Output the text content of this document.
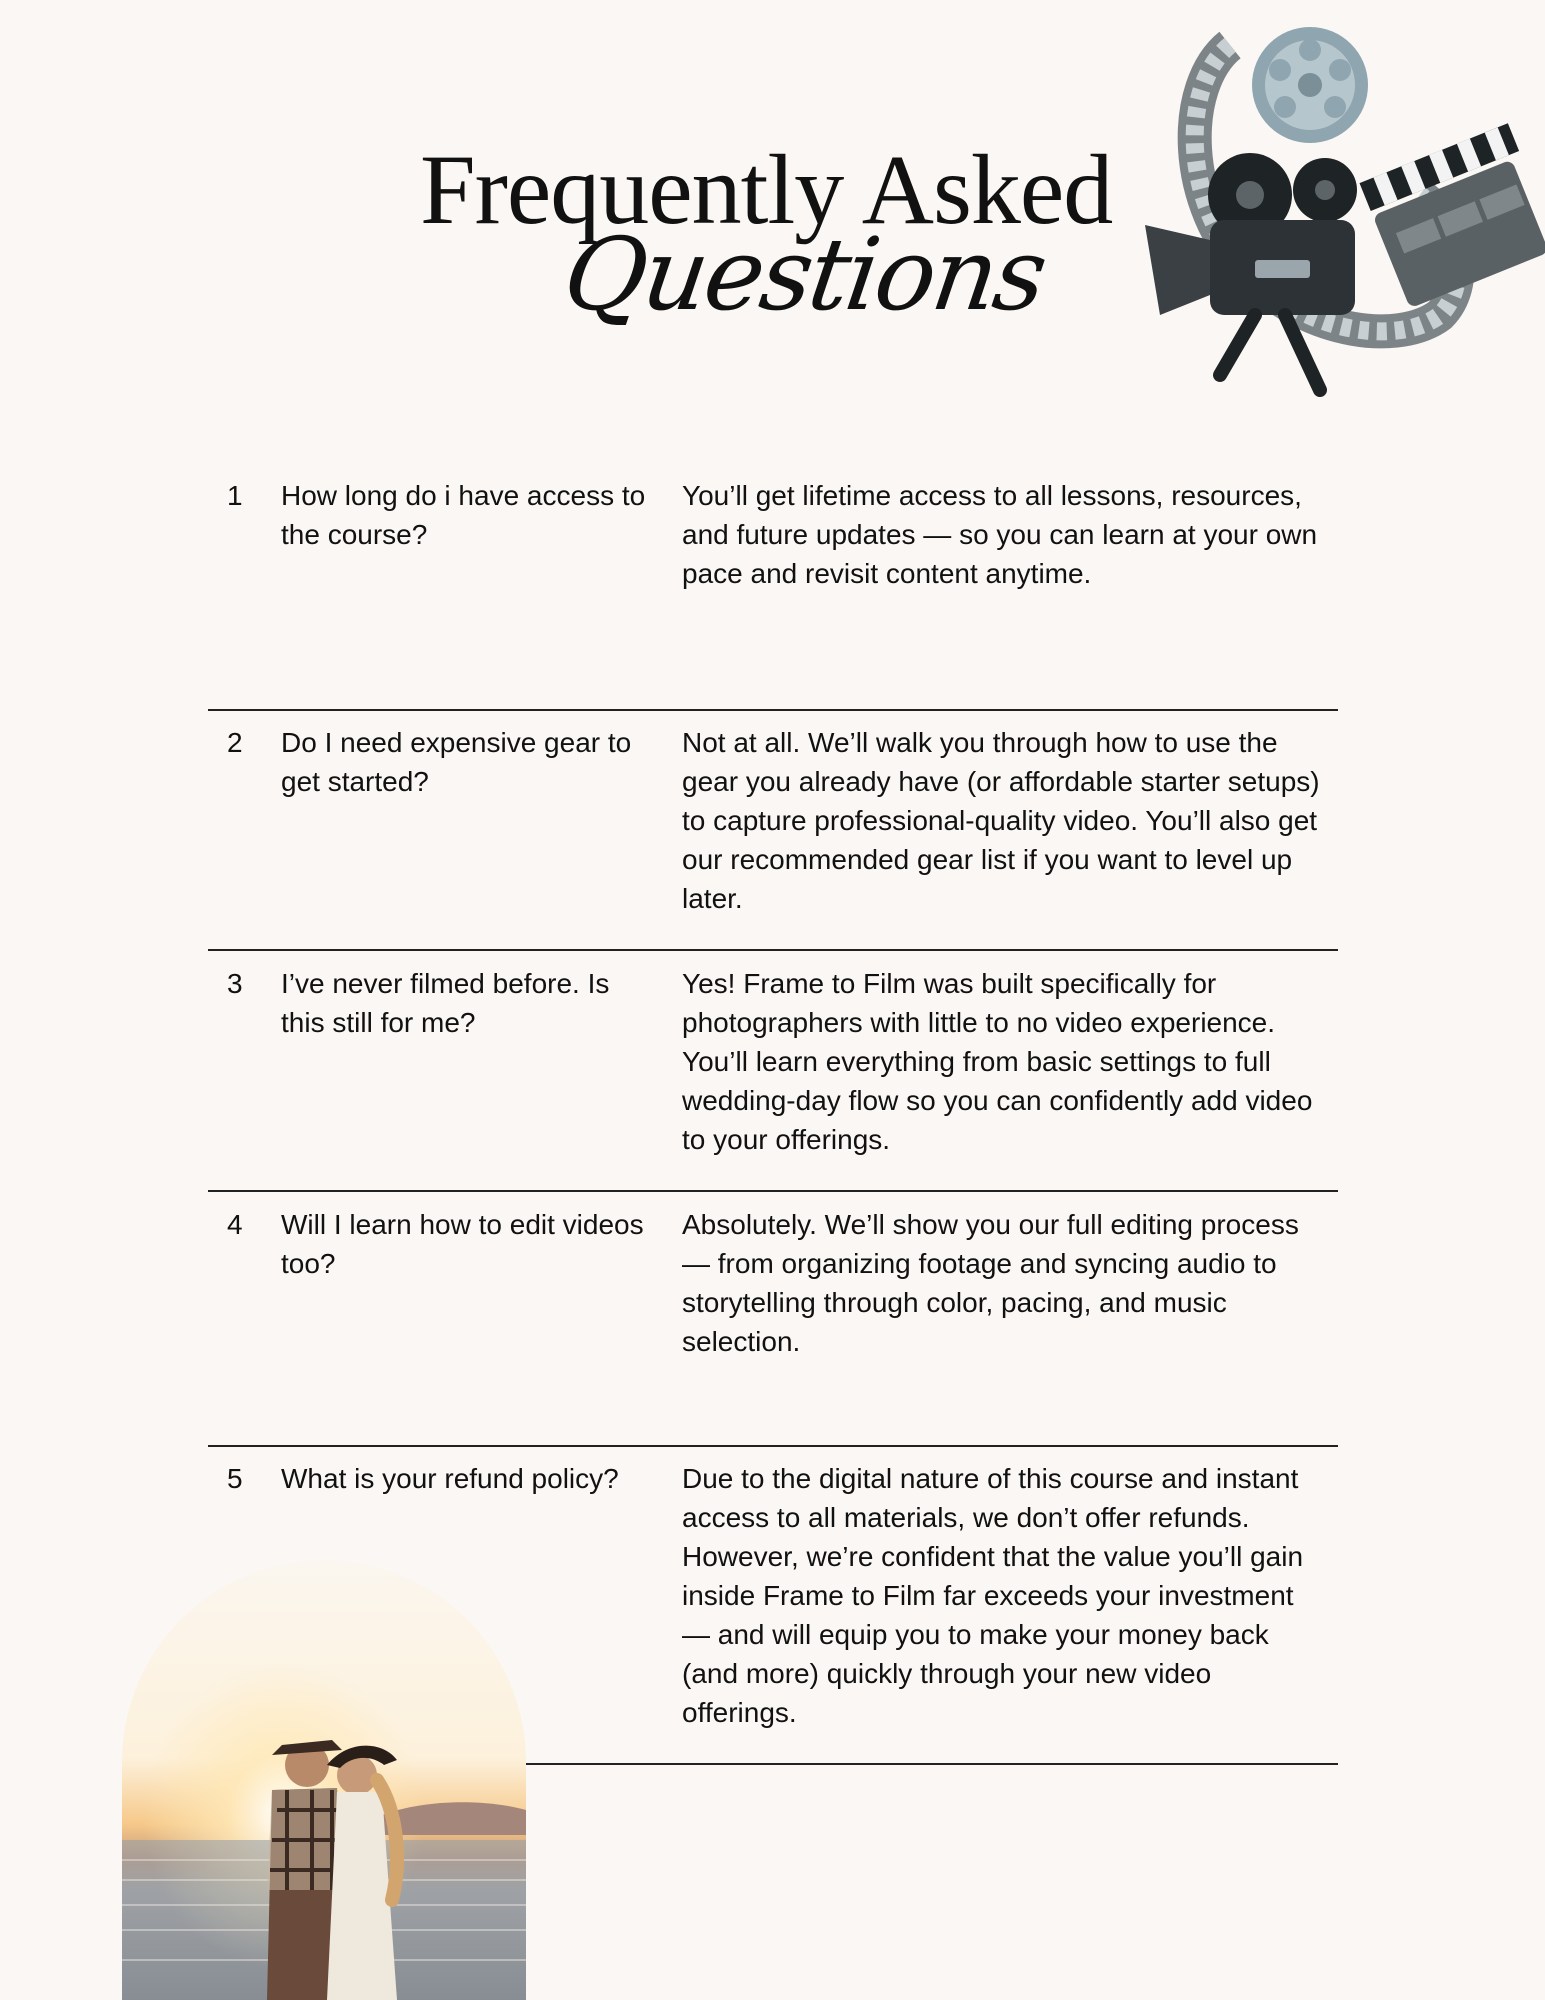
Frequently Asked
Questions
1 How long do i have access to the course?
You’ll get lifetime access to all lessons, resources, and future updates — so you can learn at your own pace and revisit content anytime.
2 Do I need expensive gear to get started?
Not at all. We’ll walk you through how to use the gear you already have (or affordable starter setups) to capture professional-quality video. You’ll also get our recommended gear list if you want to level up later.
3 I’ve never filmed before. Is this still for me?
Yes! Frame to Film was built specifically for photographers with little to no video experience. You’ll learn everything from basic settings to full wedding-day flow so you can confidently add video to your offerings.
4 Will I learn how to edit videos too?
Absolutely. We’ll show you our full editing process — from organizing footage and syncing audio to storytelling through color, pacing, and music selection.
5 What is your refund policy?	Due to the digital nature of this course and instant access to all materials, we don’t offer refunds. However, we’re confident that the value you’ll gain inside Frame to Film far exceeds your investment — and will equip you to make your money back (and more) quickly through your new video offerings.
